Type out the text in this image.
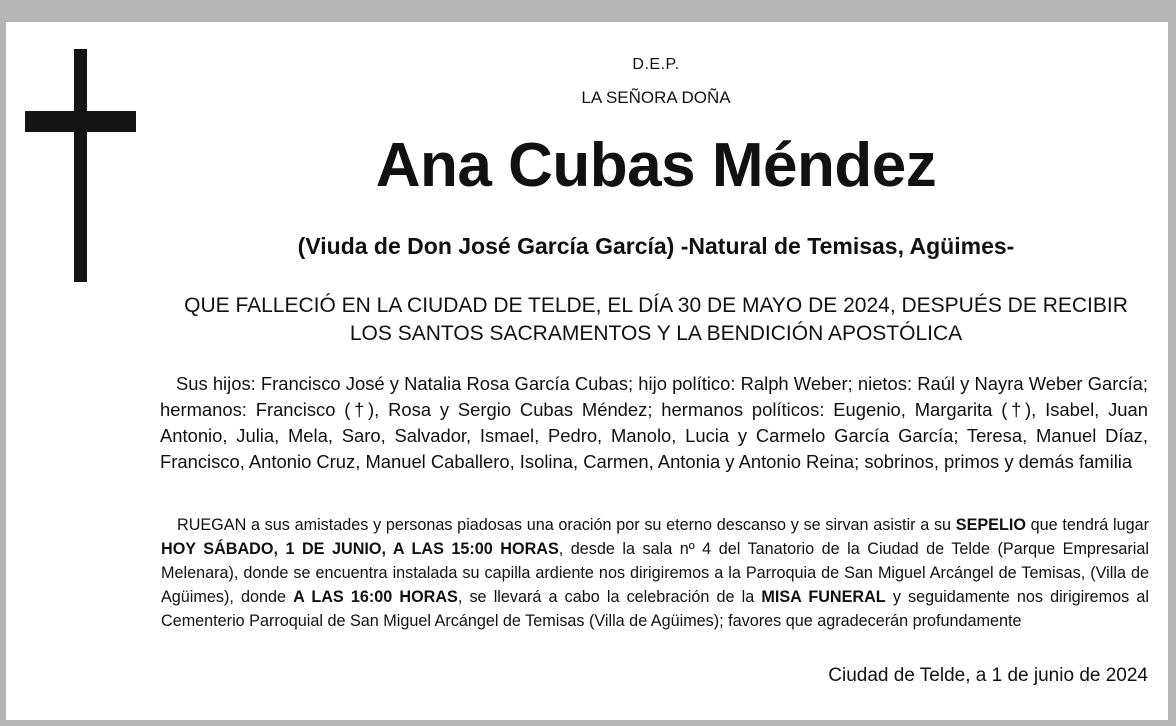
D.E.P.
LA SEÑORA DOÑA
Ana Cubas Méndez
(Viuda de Don José García García) -Natural de Temisas, Agüimes-
QUE FALLECIÓ EN LA CIUDAD DE TELDE, EL DÍA 30 DE MAYO DE 2024, DESPUÉS DE RECIBIR
LOS SANTOS SACRAMENTOS Y LA BENDICIÓN APOSTÓLICA

Sus hijos: Francisco José y Natalia Rosa García Cubas; hijo político: Ralph Weber; nietos: Raúl y Nayra Weber García; hermanos: Francisco (†), Rosa y Sergio Cubas Méndez; hermanos políticos: Eugenio, Margarita (†), Isabel, Juan Antonio, Julia, Mela, Saro, Salvador, Ismael, Pedro, Manolo, Lucia y Carmelo García García; Teresa, Manuel Díaz, Francisco, Antonio Cruz, Manuel Caballero, Isolina, Carmen, Antonia y Antonio Reina; sobrinos, primos y demás familia

RUEGAN a sus amistades y personas piadosas una oración por su eterno descanso y se sirvan asistir a su SEPELIO que tendrá lugar HOY SÁBADO, 1 DE JUNIO, A LAS 15:00 HORAS, desde la sala nº 4 del Tanatorio de la Ciudad de Telde (Parque Empresarial Melenara), donde se encuentra instalada su capilla ardiente nos dirigiremos a la Parroquia de San Miguel Arcángel de Temisas, (Villa de Agüimes), donde A LAS 16:00 HORAS, se llevará a cabo la celebración de la MISA FUNERAL y seguidamente nos dirigiremos al Cementerio Parroquial de San Miguel Arcángel de Temisas (Villa de Agüimes); favores que agradecerán profundamente

Ciudad de Telde, a 1 de junio de 2024
